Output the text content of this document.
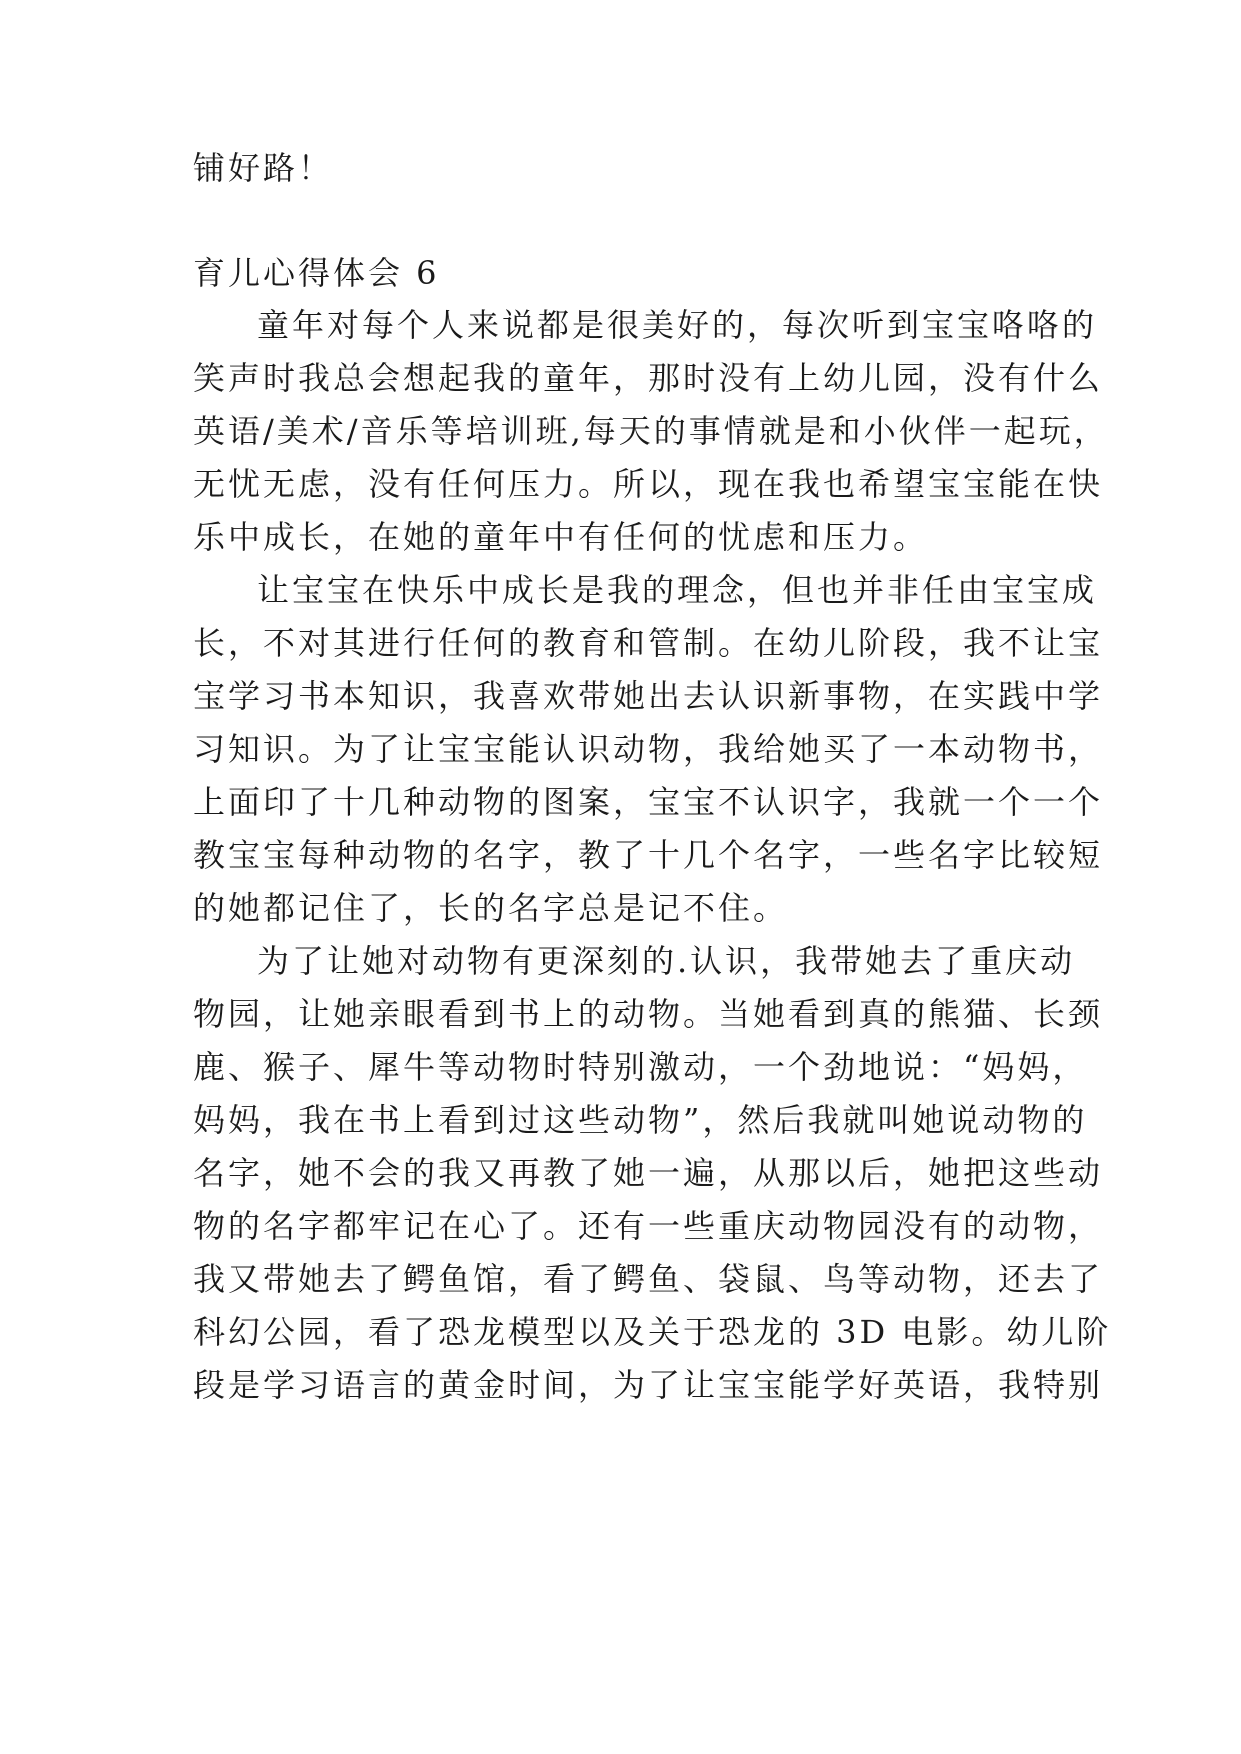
铺好路！
育儿心得体会 6
童年对每个人来说都是很美好的，每次听到宝宝咯咯的
笑声时我总会想起我的童年，那时没有上幼儿园，没有什么
英语/美术/音乐等培训班,每天的事情就是和小伙伴一起玩，
无忧无虑，没有任何压力。所以，现在我也希望宝宝能在快
乐中成长，在她的童年中有任何的忧虑和压力。
让宝宝在快乐中成长是我的理念，但也并非任由宝宝成
长，不对其进行任何的教育和管制。在幼儿阶段，我不让宝
宝学习书本知识，我喜欢带她出去认识新事物，在实践中学
习知识。为了让宝宝能认识动物，我给她买了一本动物书，
上面印了十几种动物的图案，宝宝不认识字，我就一个一个
教宝宝每种动物的名字，教了十几个名字，一些名字比较短
的她都记住了，长的名字总是记不住。
为了让她对动物有更深刻的.认识，我带她去了重庆动
物园，让她亲眼看到书上的动物。当她看到真的熊猫、长颈
鹿、猴子、犀牛等动物时特别激动，一个劲地说：“妈妈，
妈妈，我在书上看到过这些动物”，然后我就叫她说动物的
名字，她不会的我又再教了她一遍，从那以后，她把这些动
物的名字都牢记在心了。还有一些重庆动物园没有的动物，
我又带她去了鳄鱼馆，看了鳄鱼、袋鼠、鸟等动物，还去了
科幻公园，看了恐龙模型以及关于恐龙的 3D 电影。幼儿阶
段是学习语言的黄金时间，为了让宝宝能学好英语，我特别
